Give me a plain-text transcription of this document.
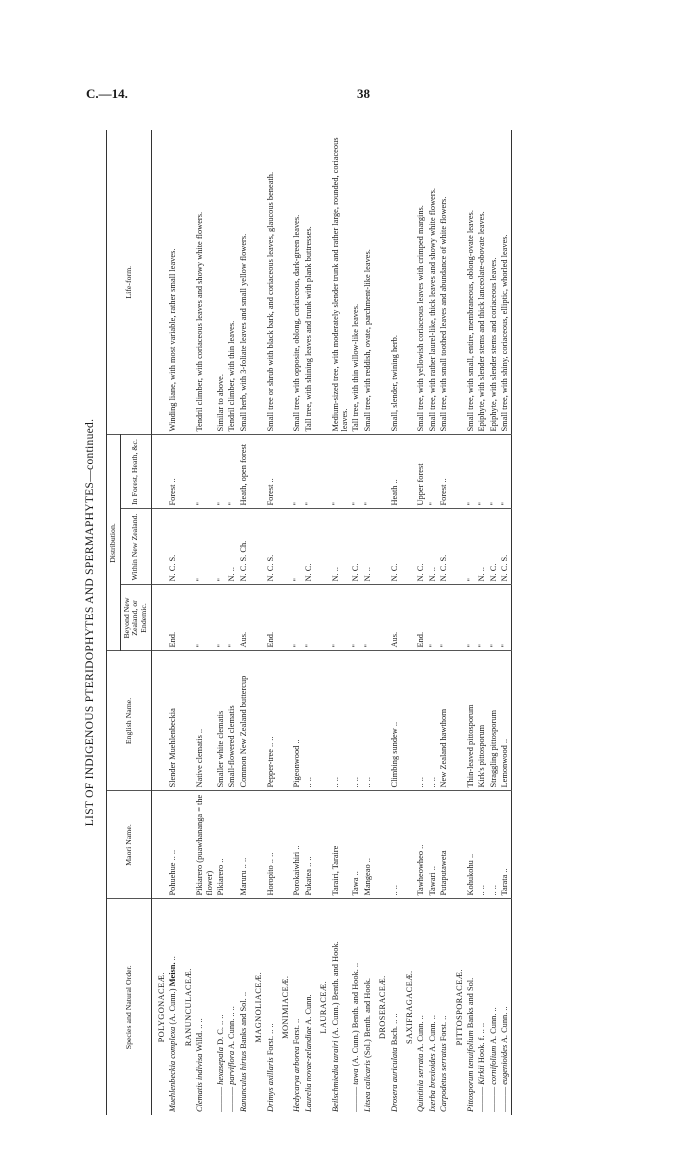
C.—14.	38
LIST OF INDIGENOUS PTERIDOPHYTES AND SPERMAPHYTES—continued.
Species and Natural Order.	Maori Name.	English Name.	Distribution.			Life-form.
			Beyond New Zealand, or Endemic.	Within New Zealand.	In Forest, Heath, &c.	
POLYGONACEÆ.						
Muehlenbeckia complexa (A. Cunn.) Meisn. ..	Pohuehue .. ..	Slender Muehlenbeckia	End.	N. C. S.	Forest ..	Winding liane, with most variable, rather small leaves.
RANUNCULACEÆ.						
Clematis indivisa Willd. .. ..	Pikiarero (puawhananga = the flower)	Native clematis ..	"	"	"	Tendril climber, with coriaceous leaves and showy white flowers.
——— hexasepala D. C. .. ..	Pikiarero ..	Smaller white clematis	"	"	"	Similar to above.
——— parviflora A. Cunn. .. ..		Small-flowered clematis	"	N. ..	"	Tendril climber, with thin leaves.
Ranunculus hirtus Banks and Sol. ..	Maruru .. ..	Common New Zealand buttercup	Aus.	N. C. S. Ch.	Heath, open forest	Small herb, with 3-foliate leaves and small yellow flowers.
MAGNOLIACEÆ.						
Drimys axillaris Forst. .. ..	Horopito .. ..	Pepper-tree .. ..	End.	N. C. S.	Forest ..	Small tree or shrub with black bark, and coriaceous leaves, glaucous beneath.
MONIMIACEÆ.						
Hedycarya arborea Forst. ..	Porokaiwhiri ..	Pigeonwood ..	"	"	"	Small tree, with opposite, oblong, coriaceous, dark-green leaves.
Laurelia novae-zelandiae A. Cunn.	Pukatea .. ..	.. ..	"	N. C.	"	Tall tree, with shining leaves and trunk with plank buttresses.
LAURACEÆ.						
Beilschmiedia tarairi (A. Cunn.) Benth. and Hook.	Tarairi, Taraire	.. ..	"	N. ..	"	Medium-sized tree, with moderately slender trunk and rather large, rounded, coriaceous leaves.
——— tawa (A. Cunn.) Benth. and Hook. ..	Tawa ..	.. ..	"	N. C.	"	Tall tree, with thin willow-like leaves.
Litsea calicaris (Sol.) Benth. and Hook.	Mangeao ..	.. ..	"	N. ..	"	Small tree, with reddish, ovate, parchment-like leaves.
DROSERACEÆ.						
Drosera auriculata Bach. .. ..	.. ..	Climbing sundew ..	Aus.	N. C.	Heath ..	Small, slender, twining herb.
SAXIFRAGACEÆ.						
Quintinia serrata A. Cunn. ..	Tawheowheo ..	.. ..	End.	N. C.	Upper forest	Small tree, with yellowish coriaceous leaves with crimped margins.
Ixerba brexioides A. Cunn. ..	Tawari ..	.. ..	"	N. ..	"	Small tree, with rather laurel-like, thick leaves and showy white flowers.
Carpodetus serratus Forst. ..	Putaputaweta	New Zealand hawthorn	"	N. C. S.	Forest ..	Small tree, with small toothed leaves and abundance of white flowers.
PITTOSPORACEÆ.						
Pittosporum tenuifolium Banks and Sol.	Kohukohu ..	Thin-leaved pittosporum	"	"	"	Small tree, with small, entire, membraneous, oblong-ovate leaves.
——— Kirkii Hook. f. .. ..	.. ..	Kirk's pittosporum	"	N. ..	"	Epiphyte, with slender stems and thick lanceolate-obovate leaves.
——— cornifolium A. Cunn. ..	.. ..	Straggling pittosporum	"	N. C.	"	Epiphyte, with slender stems and coriaceous leaves.
——— eugenioides A. Cunn. ..	Tarata ..	Lemonwood ..	"	N. C. S.	"	Small tree, with shiny, coriaceous, elliptic, whorled leaves.
